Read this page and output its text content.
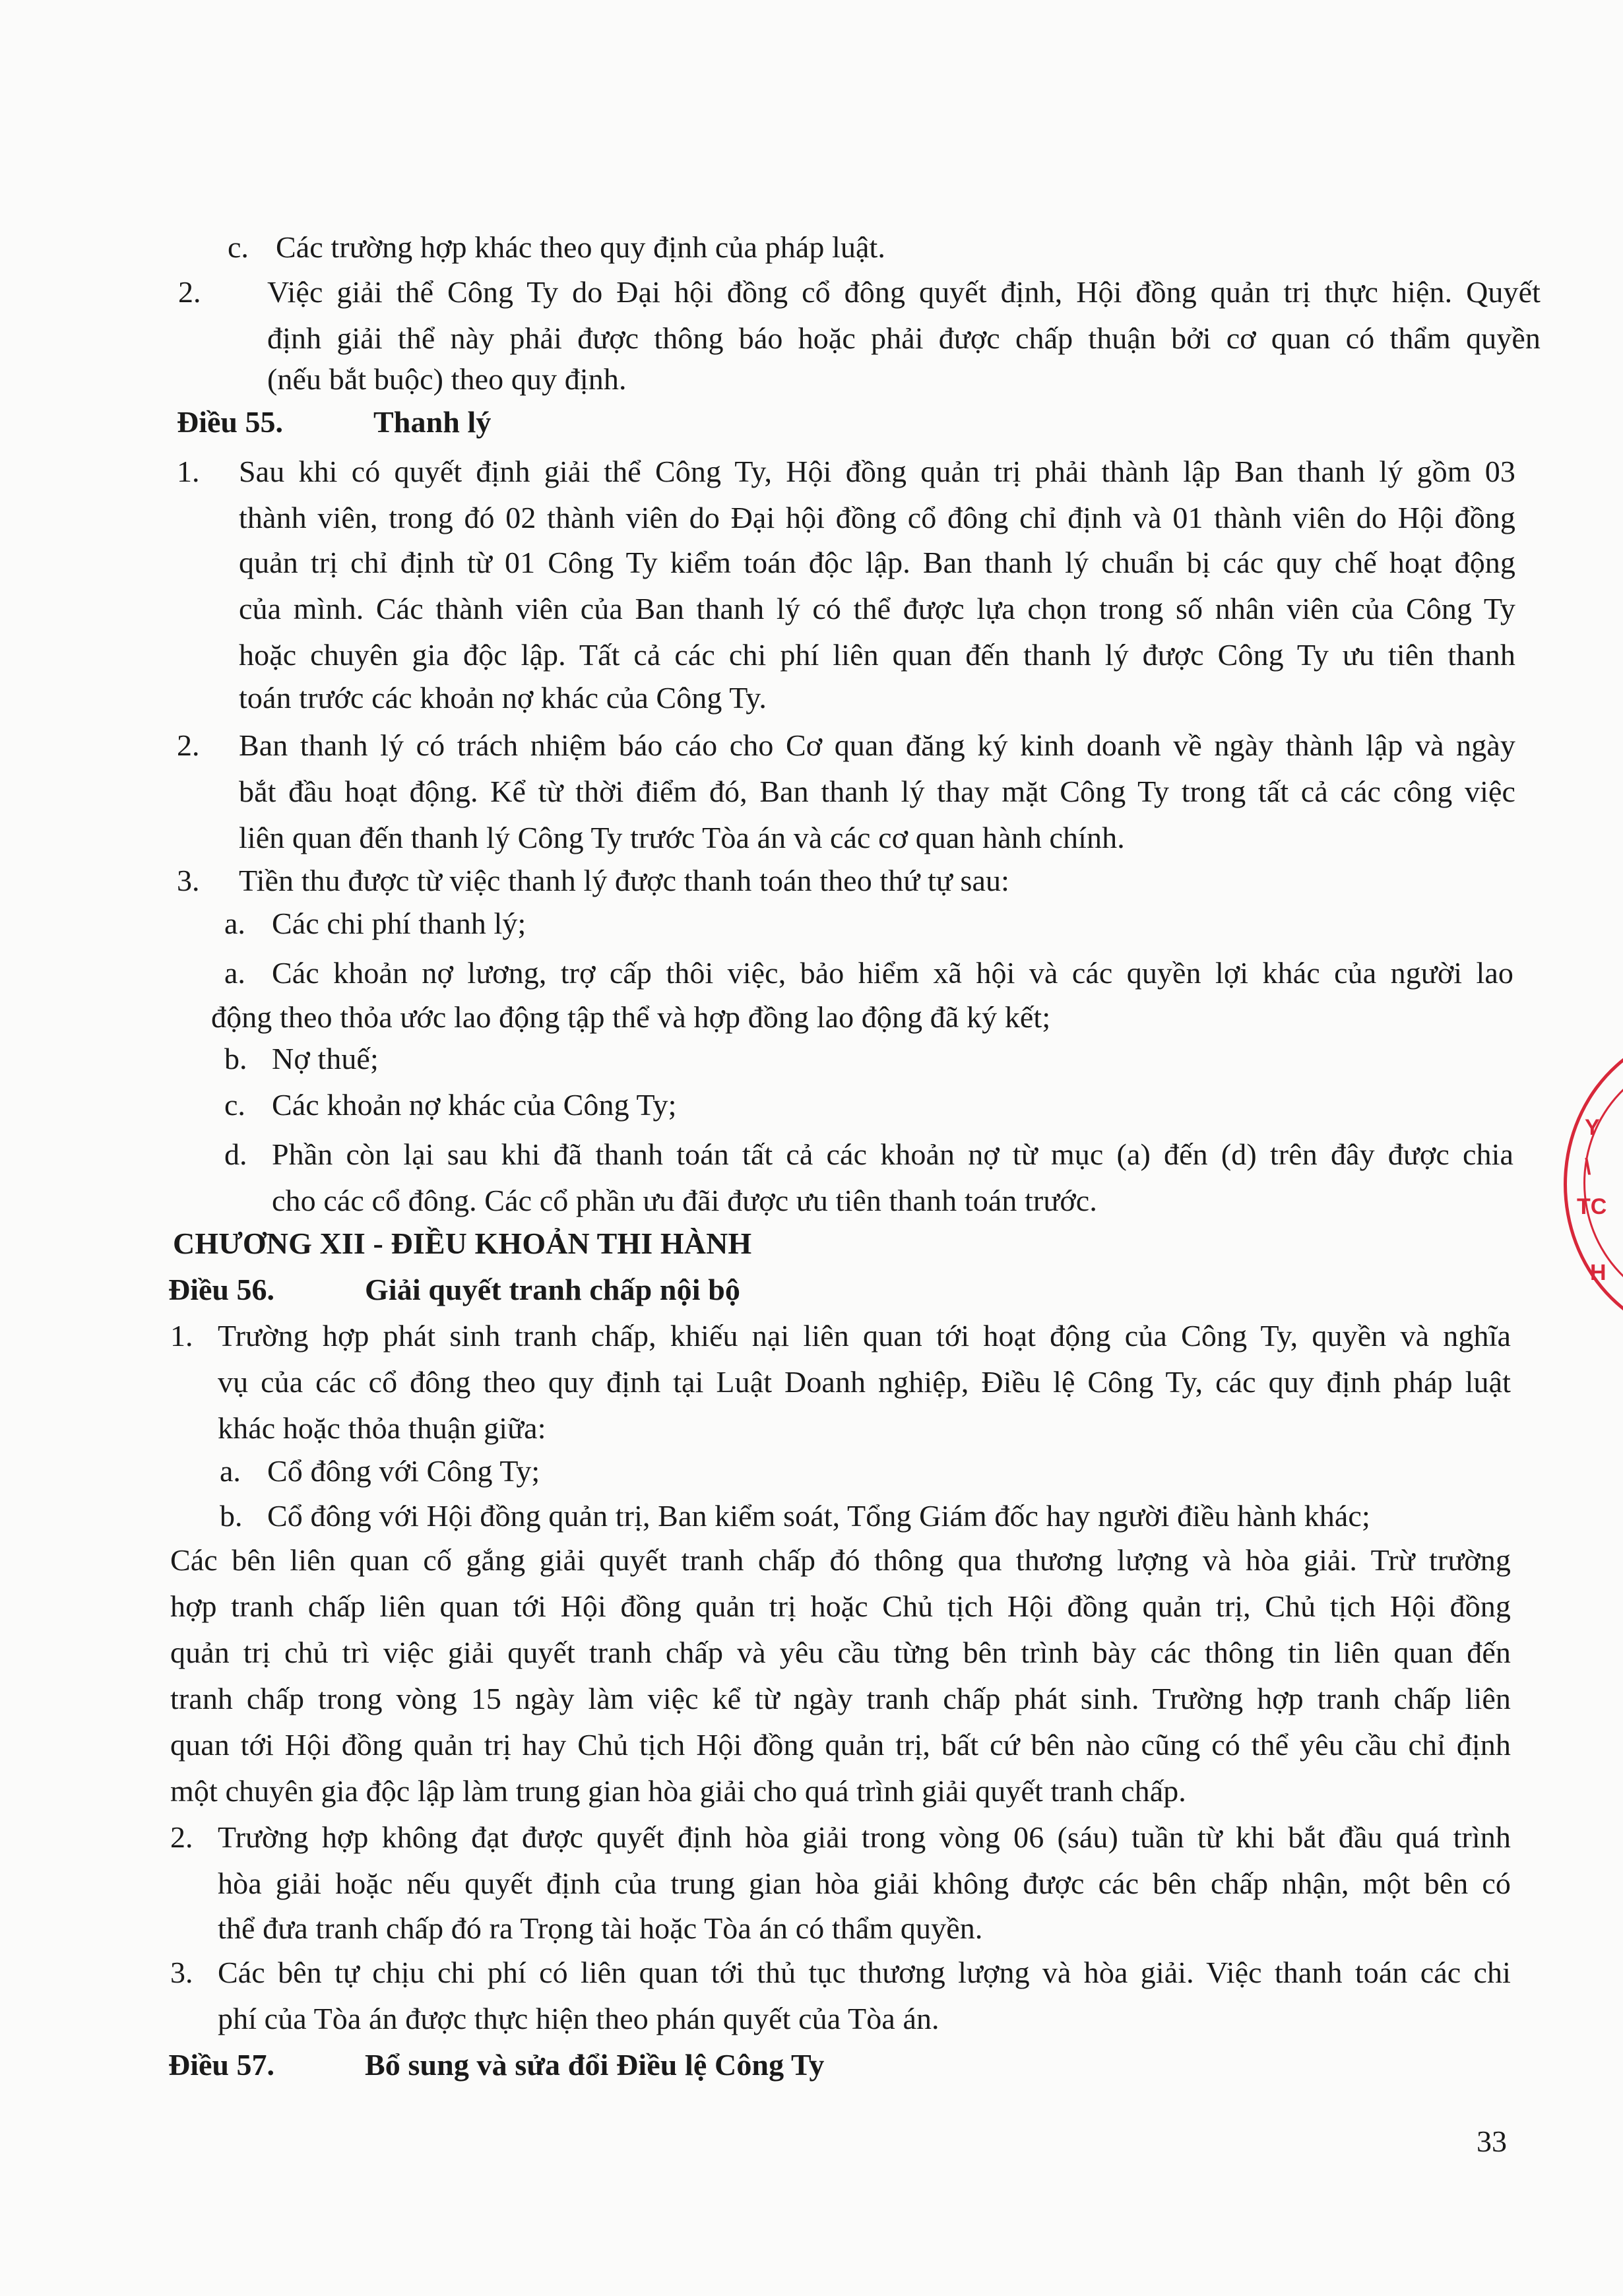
c. Các trường hợp khác theo quy định của pháp luật.
2. Việc giải thể Công Ty do Đại hội đồng cổ đông quyết định, Hội đồng quản trị thực hiện. Quyết
định giải thể này phải được thông báo hoặc phải được chấp thuận bởi cơ quan có thẩm quyền
(nếu bắt buộc) theo quy định.
Điều 55.	Thanh lý
1. Sau khi có quyết định giải thể Công Ty, Hội đồng quản trị phải thành lập Ban thanh lý gồm 03
thành viên, trong đó 02 thành viên do Đại hội đồng cổ đông chỉ định và 01 thành viên do Hội đồng
quản trị chỉ định từ 01 Công Ty kiểm toán độc lập. Ban thanh lý chuẩn bị các quy chế hoạt động
của mình. Các thành viên của Ban thanh lý có thể được lựa chọn trong số nhân viên của Công Ty
hoặc chuyên gia độc lập. Tất cả các chi phí liên quan đến thanh lý được Công Ty ưu tiên thanh
toán trước các khoản nợ khác của Công Ty.
2. Ban thanh lý có trách nhiệm báo cáo cho Cơ quan đăng ký kinh doanh về ngày thành lập và ngày
bắt đầu hoạt động. Kể từ thời điểm đó, Ban thanh lý thay mặt Công Ty trong tất cả các công việc
liên quan đến thanh lý Công Ty trước Tòa án và các cơ quan hành chính.
3. Tiền thu được từ việc thanh lý được thanh toán theo thứ tự sau:
a. Các chi phí thanh lý;
a. Các khoản nợ lương, trợ cấp thôi việc, bảo hiểm xã hội và các quyền lợi khác của người lao
động theo thỏa ước lao động tập thể và hợp đồng lao động đã ký kết;
b. Nợ thuế;
c. Các khoản nợ khác của Công Ty;
d. Phần còn lại sau khi đã thanh toán tất cả các khoản nợ từ mục (a) đến (d) trên đây được chia
cho các cổ đông. Các cổ phần ưu đãi được ưu tiên thanh toán trước.
CHƯƠNG XII - ĐIỀU KHOẢN THI HÀNH
Điều 56.	Giải quyết tranh chấp nội bộ
1. Trường hợp phát sinh tranh chấp, khiếu nại liên quan tới hoạt động của Công Ty, quyền và nghĩa
vụ của các cổ đông theo quy định tại Luật Doanh nghiệp, Điều lệ Công Ty, các quy định pháp luật
khác hoặc thỏa thuận giữa:
a. Cổ đông với Công Ty;
b. Cổ đông với Hội đồng quản trị, Ban kiểm soát, Tổng Giám đốc hay người điều hành khác;
Các bên liên quan cố gắng giải quyết tranh chấp đó thông qua thương lượng và hòa giải. Trừ trường
hợp tranh chấp liên quan tới Hội đồng quản trị hoặc Chủ tịch Hội đồng quản trị, Chủ tịch Hội đồng
quản trị chủ trì việc giải quyết tranh chấp và yêu cầu từng bên trình bày các thông tin liên quan đến
tranh chấp trong vòng 15 ngày làm việc kể từ ngày tranh chấp phát sinh. Trường hợp tranh chấp liên
quan tới Hội đồng quản trị hay Chủ tịch Hội đồng quản trị, bất cứ bên nào cũng có thể yêu cầu chỉ định
một chuyên gia độc lập làm trung gian hòa giải cho quá trình giải quyết tranh chấp.
2. Trường hợp không đạt được quyết định hòa giải trong vòng 06 (sáu) tuần từ khi bắt đầu quá trình
hòa giải hoặc nếu quyết định của trung gian hòa giải không được các bên chấp nhận, một bên có
thể đưa tranh chấp đó ra Trọng tài hoặc Tòa án có thẩm quyền.
3. Các bên tự chịu chi phí có liên quan tới thủ tục thương lượng và hòa giải. Việc thanh toán các chi
phí của Tòa án được thực hiện theo phán quyết của Tòa án.
Điều 57.	Bổ sung và sửa đổi Điều lệ Công Ty
Y
\
TC
H
33
